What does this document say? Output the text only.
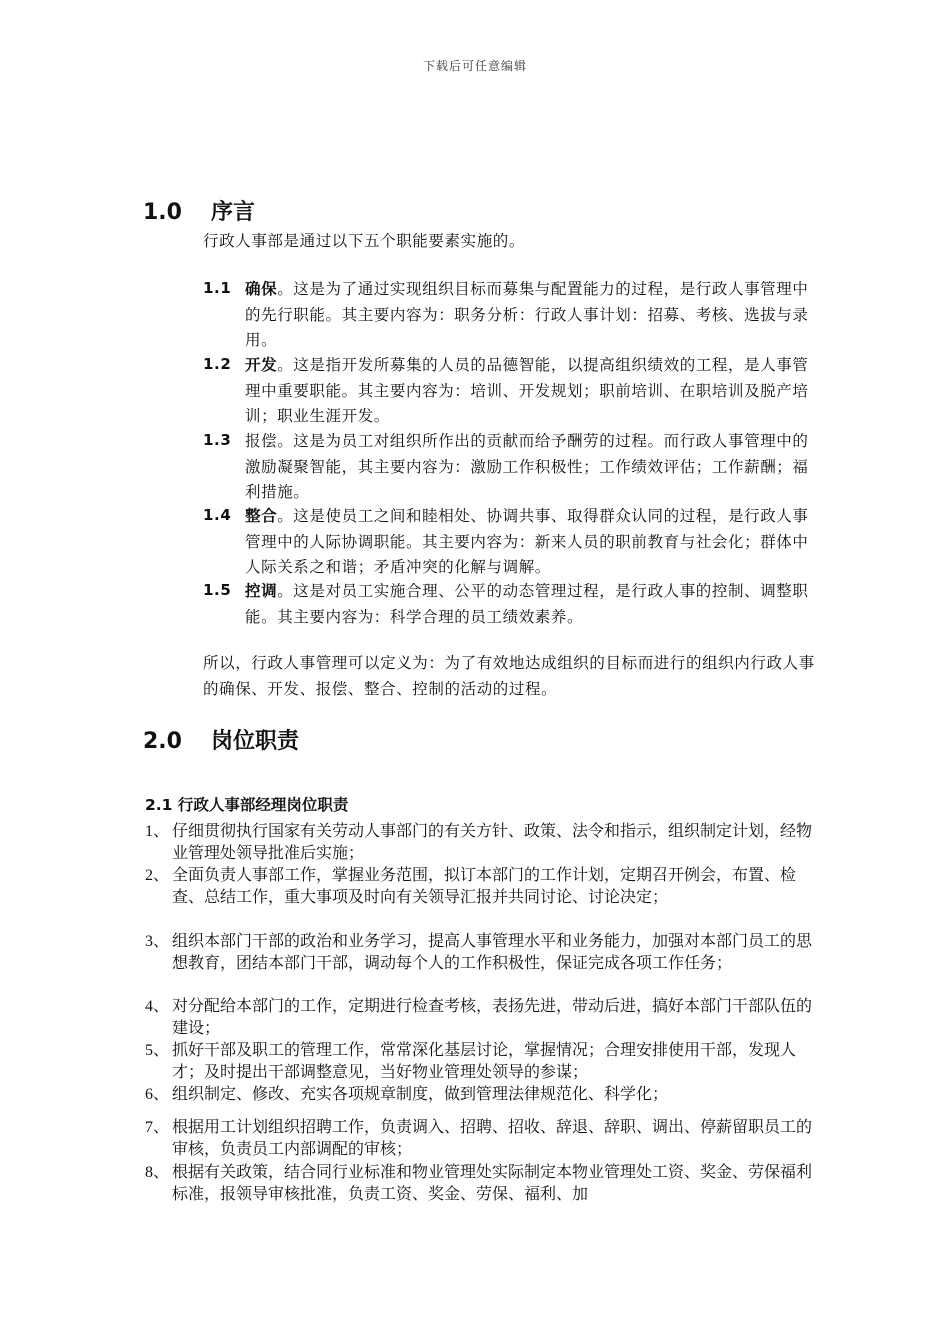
下载后可任意编辑
1.0 序言
行政人事部是通过以下五个职能要素实施的。
1.1 确保。这是为了通过实现组织目标而募集与配置能力的过程，是行政人事管理中的先行职能。其主要内容为：职务分析：行政人事计划：招募、考核、选拔与录用。
1.2 开发。这是指开发所募集的人员的品德智能，以提高组织绩效的工程，是人事管理中重要职能。其主要内容为：培训、开发规划；职前培训、在职培训及脱产培训；职业生涯开发。
1.3 报偿。这是为员工对组织所作出的贡献而给予酬劳的过程。而行政人事管理中的激励凝聚智能，其主要内容为：激励工作积极性；工作绩效评估；工作薪酬；福利措施。
1.4 整合。这是使员工之间和睦相处、协调共事、取得群众认同的过程，是行政人事管理中的人际协调职能。其主要内容为：新来人员的职前教育与社会化；群体中人际关系之和谐；矛盾冲突的化解与调解。
1.5 控调。这是对员工实施合理、公平的动态管理过程，是行政人事的控制、调整职能。其主要内容为：科学合理的员工绩效素养。
所以，行政人事管理可以定义为：为了有效地达成组织的目标而进行的组织内行政人事的确保、开发、报偿、整合、控制的活动的过程。
2.0 岗位职责
2.1 行政人事部经理岗位职责
1、 仔细贯彻执行国家有关劳动人事部门的有关方针、政策、法令和指示，组织制定计划，经物业管理处领导批准后实施；
2、 全面负责人事部工作，掌握业务范围，拟订本部门的工作计划，定期召开例会，布置、检查、总结工作，重大事项及时向有关领导汇报并共同讨论、讨论决定；
3、 组织本部门干部的政治和业务学习，提高人事管理水平和业务能力，加强对本部门员工的思想教育，团结本部门干部，调动每个人的工作积极性，保证完成各项工作任务；
4、 对分配给本部门的工作，定期进行检查考核，表扬先进，带动后进，搞好本部门干部队伍的建设；
5、 抓好干部及职工的管理工作，常常深化基层讨论，掌握情况；合理安排使用干部，发现人才；及时提出干部调整意见，当好物业管理处领导的参谋；
6、 组织制定、修改、充实各项规章制度，做到管理法律规范化、科学化；
7、 根据用工计划组织招聘工作，负责调入、招聘、招收、辞退、辞职、调出、停薪留职员工的审核，负责员工内部调配的审核；
8、 根据有关政策，结合同行业标准和物业管理处实际制定本物业管理处工资、奖金、劳保福利标准，报领导审核批准，负责工资、奖金、劳保、福利、加
